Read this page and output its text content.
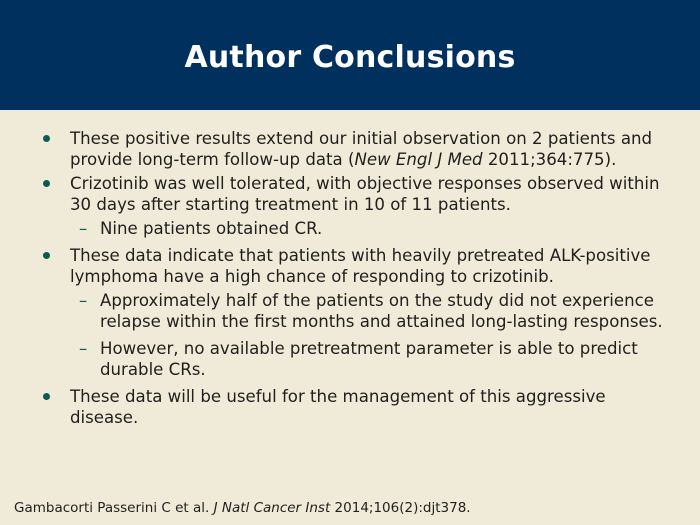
Author Conclusions
These positive results extend our initial observation on 2 patients and provide long-term follow-up data (New Engl J Med 2011;364:775).
Crizotinib was well tolerated, with objective responses observed within 30 days after starting treatment in 10 of 11 patients.
– Nine patients obtained CR.
These data indicate that patients with heavily pretreated ALK-positive lymphoma have a high chance of responding to crizotinib.
– Approximately half of the patients on the study did not experience relapse within the first months and attained long-lasting responses.
– However, no available pretreatment parameter is able to predict durable CRs.
These data will be useful for the management of this aggressive disease.
Gambacorti Passerini C et al. J Natl Cancer Inst 2014;106(2):djt378.
